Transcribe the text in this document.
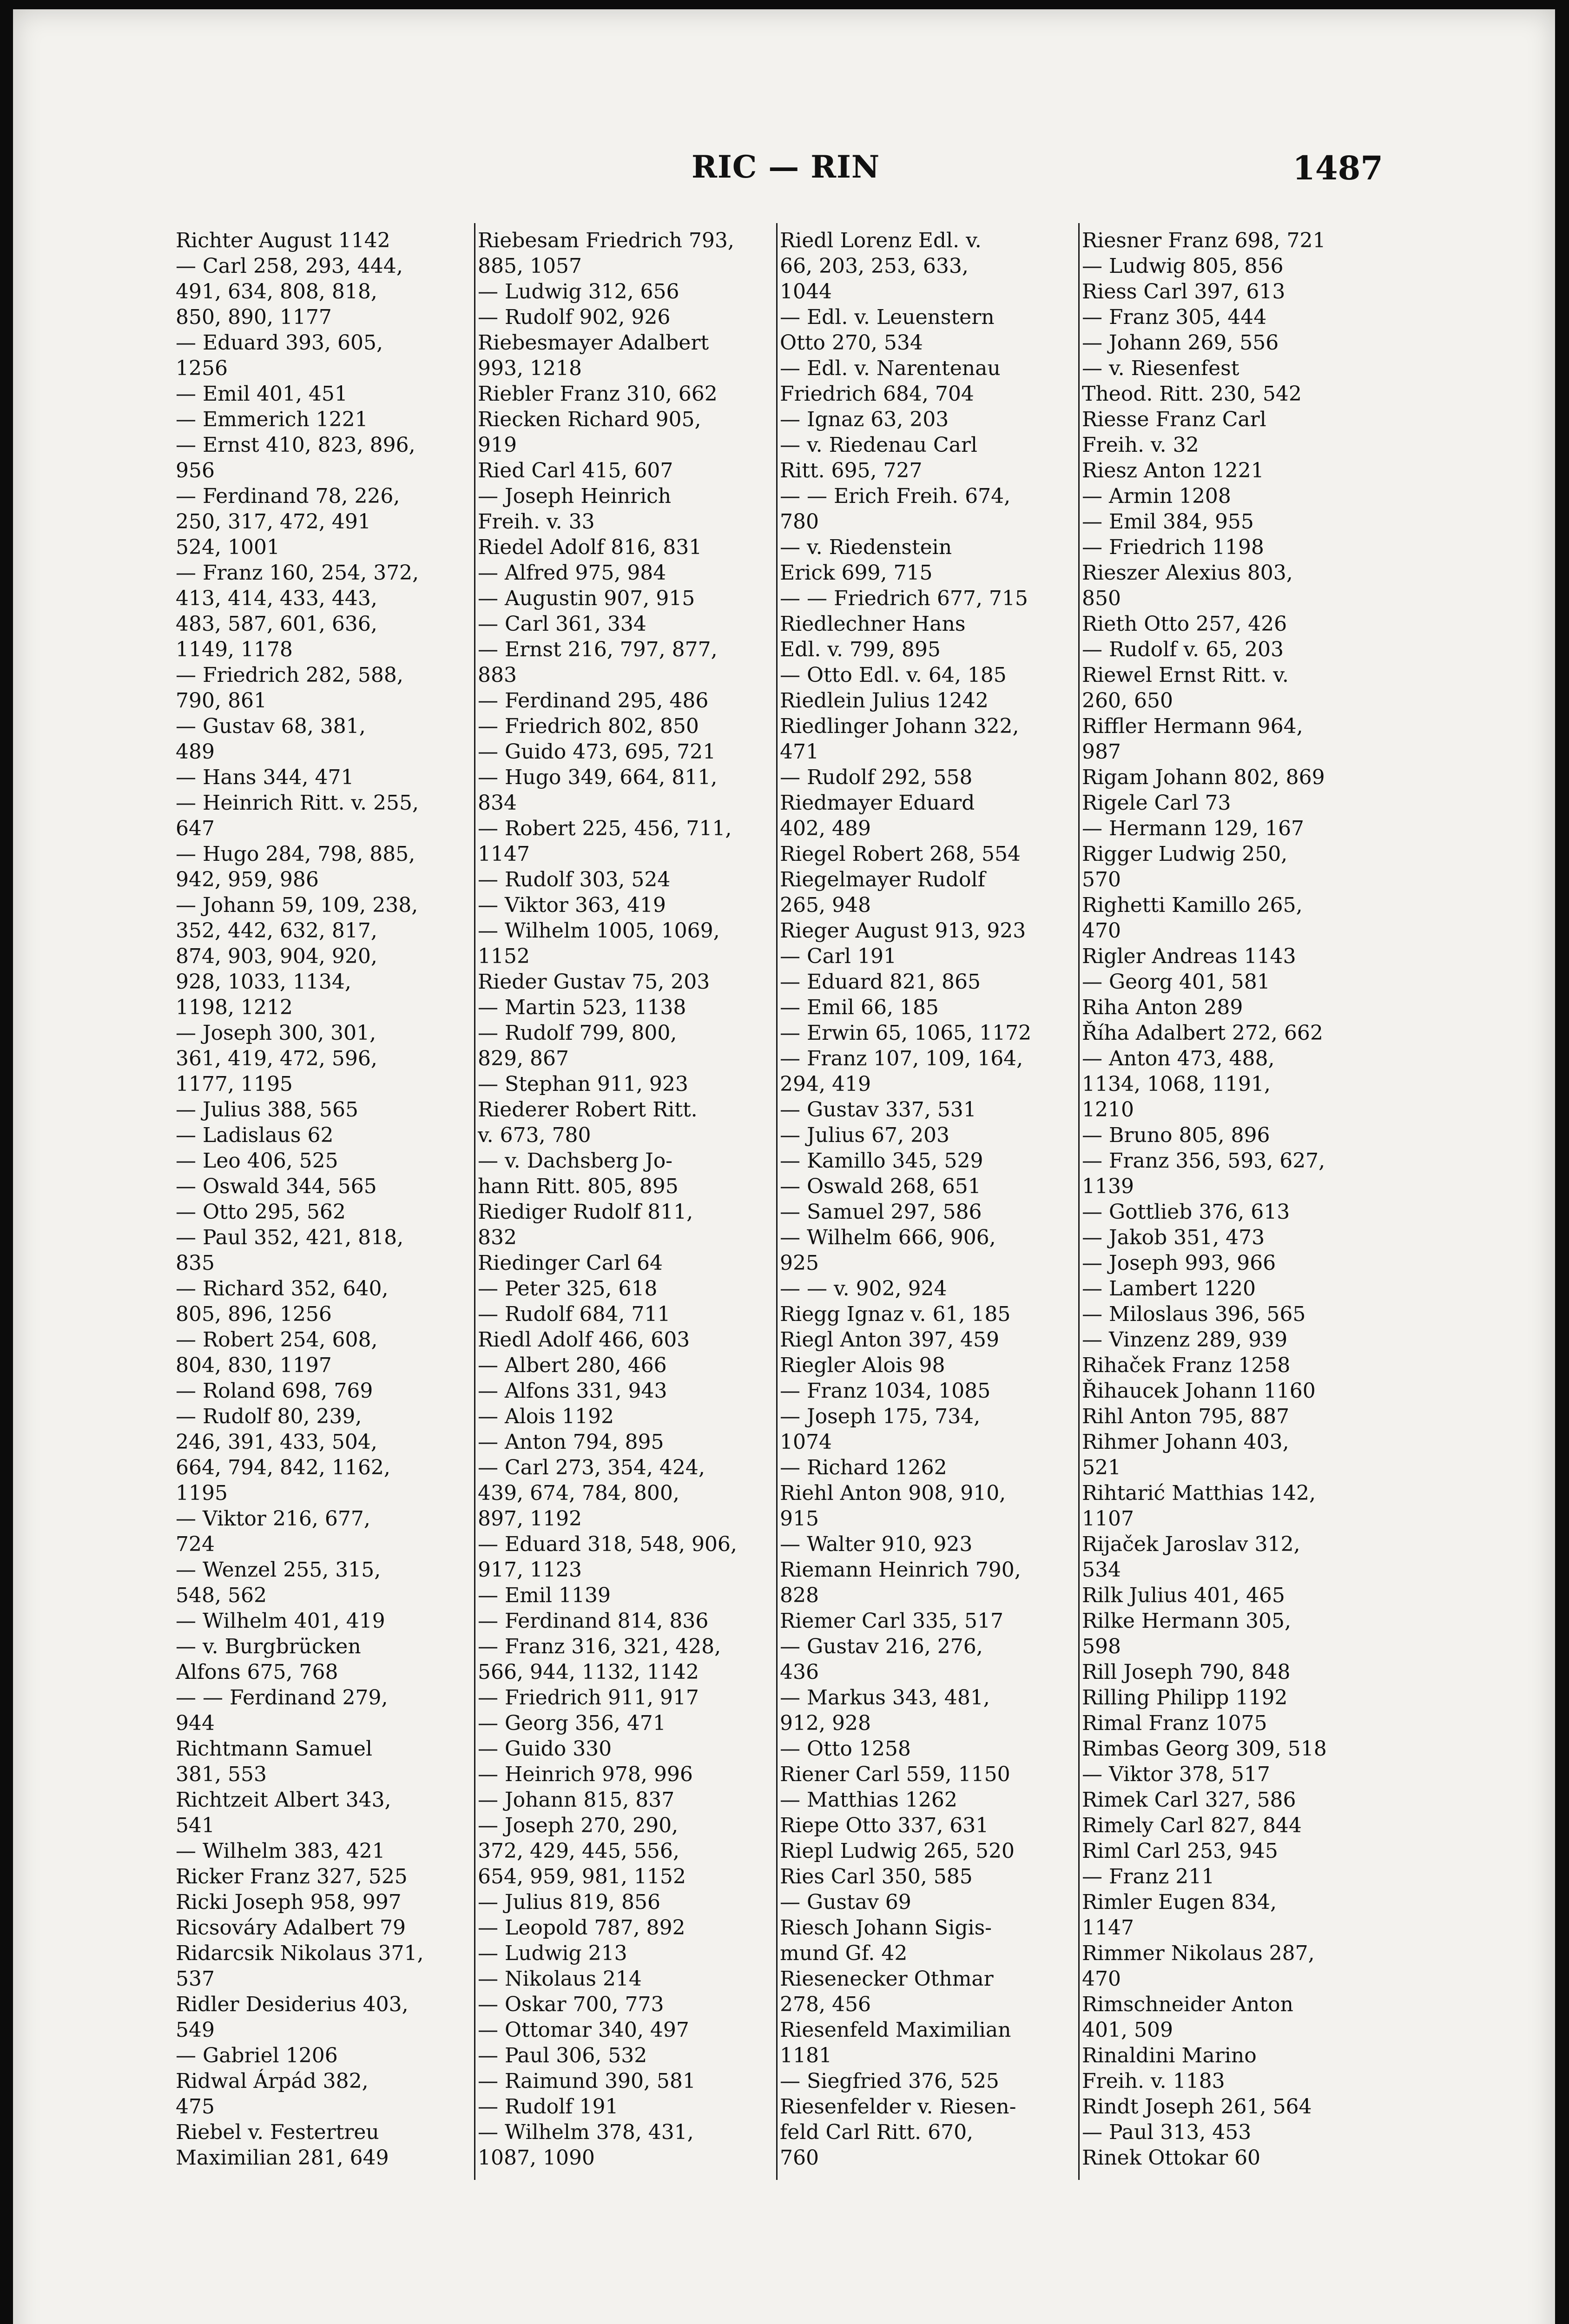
RIC — RIN	1487
Richter August 1142
— Carl 258, 293, 444,
491, 634, 808, 818,
850, 890, 1177
— Eduard 393, 605,
1256
— Emil 401, 451
— Emmerich 1221
— Ernst 410, 823, 896,
956
— Ferdinand 78, 226,
250, 317, 472, 491
524, 1001
— Franz 160, 254, 372,
413, 414, 433, 443,
483, 587, 601, 636,
1149, 1178
— Friedrich 282, 588,
790, 861
— Gustav 68, 381,
489
— Hans 344, 471
— Heinrich Ritt. v. 255,
647
— Hugo 284, 798, 885,
942, 959, 986
— Johann 59, 109, 238,
352, 442, 632, 817,
874, 903, 904, 920,
928, 1033, 1134,
1198, 1212
— Joseph 300, 301,
361, 419, 472, 596,
1177, 1195
— Julius 388, 565
— Ladislaus 62
— Leo 406, 525
— Oswald 344, 565
— Otto 295, 562
— Paul 352, 421, 818,
835
— Richard 352, 640,
805, 896, 1256
— Robert 254, 608,
804, 830, 1197
— Roland 698, 769
— Rudolf 80, 239,
246, 391, 433, 504,
664, 794, 842, 1162,
1195
— Viktor 216, 677,
724
— Wenzel 255, 315,
548, 562
— Wilhelm 401, 419
— v. Burgbrücken
Alfons 675, 768
— — Ferdinand 279,
944
Richtmann Samuel
381, 553
Richtzeit Albert 343,
541
— Wilhelm 383, 421
Ricker Franz 327, 525
Ricki Joseph 958, 997
Ricsováry Adalbert 79
Ridarcsik Nikolaus 371,
537
Ridler Desiderius 403,
549
— Gabriel 1206
Ridwal Árpád 382,
475
Riebel v. Festertreu
Maximilian 281, 649
Riebesam Friedrich 793,
885, 1057
— Ludwig 312, 656
— Rudolf 902, 926
Riebesmayer Adalbert
993, 1218
Riebler Franz 310, 662
Riecken Richard 905,
919
Ried Carl 415, 607
— Joseph Heinrich
Freih. v. 33
Riedel Adolf 816, 831
— Alfred 975, 984
— Augustin 907, 915
— Carl 361, 334
— Ernst 216, 797, 877,
883
— Ferdinand 295, 486
— Friedrich 802, 850
— Guido 473, 695, 721
— Hugo 349, 664, 811,
834
— Robert 225, 456, 711,
1147
— Rudolf 303, 524
— Viktor 363, 419
— Wilhelm 1005, 1069,
1152
Rieder Gustav 75, 203
— Martin 523, 1138
— Rudolf 799, 800,
829, 867
— Stephan 911, 923
Riederer Robert Ritt.
v. 673, 780
— v. Dachsberg Jo-
hann Ritt. 805, 895
Riediger Rudolf 811,
832
Riedinger Carl 64
— Peter 325, 618
— Rudolf 684, 711
Riedl Adolf 466, 603
— Albert 280, 466
— Alfons 331, 943
— Alois 1192
— Anton 794, 895
— Carl 273, 354, 424,
439, 674, 784, 800,
897, 1192
— Eduard 318, 548, 906,
917, 1123
— Emil 1139
— Ferdinand 814, 836
— Franz 316, 321, 428,
566, 944, 1132, 1142
— Friedrich 911, 917
— Georg 356, 471
— Guido 330
— Heinrich 978, 996
— Johann 815, 837
— Joseph 270, 290,
372, 429, 445, 556,
654, 959, 981, 1152
— Julius 819, 856
— Leopold 787, 892
— Ludwig 213
— Nikolaus 214
— Oskar 700, 773
— Ottomar 340, 497
— Paul 306, 532
— Raimund 390, 581
— Rudolf 191
— Wilhelm 378, 431,
1087, 1090
Riedl Lorenz Edl. v.
66, 203, 253, 633,
1044
— Edl. v. Leuenstern
Otto 270, 534
— Edl. v. Narentenau
Friedrich 684, 704
— Ignaz 63, 203
— v. Riedenau Carl
Ritt. 695, 727
— — Erich Freih. 674,
780
— v. Riedenstein
Erick 699, 715
— — Friedrich 677, 715
Riedlechner Hans
Edl. v. 799, 895
— Otto Edl. v. 64, 185
Riedlein Julius 1242
Riedlinger Johann 322,
471
— Rudolf 292, 558
Riedmayer Eduard
402, 489
Riegel Robert 268, 554
Riegelmayer Rudolf
265, 948
Rieger August 913, 923
— Carl 191
— Eduard 821, 865
— Emil 66, 185
— Erwin 65, 1065, 1172
— Franz 107, 109, 164,
294, 419
— Gustav 337, 531
— Julius 67, 203
— Kamillo 345, 529
— Oswald 268, 651
— Samuel 297, 586
— Wilhelm 666, 906,
925
— — v. 902, 924
Riegg Ignaz v. 61, 185
Riegl Anton 397, 459
Riegler Alois 98
— Franz 1034, 1085
— Joseph 175, 734,
1074
— Richard 1262
Riehl Anton 908, 910,
915
— Walter 910, 923
Riemann Heinrich 790,
828
Riemer Carl 335, 517
— Gustav 216, 276,
436
— Markus 343, 481,
912, 928
— Otto 1258
Riener Carl 559, 1150
— Matthias 1262
Riepe Otto 337, 631
Riepl Ludwig 265, 520
Ries Carl 350, 585
— Gustav 69
Riesch Johann Sigis-
mund Gf. 42
Riesenecker Othmar
278, 456
Riesenfeld Maximilian
1181
— Siegfried 376, 525
Riesenfelder v. Riesen-
feld Carl Ritt. 670,
760
Riesner Franz 698, 721
— Ludwig 805, 856
Riess Carl 397, 613
— Franz 305, 444
— Johann 269, 556
— v. Riesenfest
Theod. Ritt. 230, 542
Riesse Franz Carl
Freih. v. 32
Riesz Anton 1221
— Armin 1208
— Emil 384, 955
— Friedrich 1198
Rieszer Alexius 803,
850
Rieth Otto 257, 426
— Rudolf v. 65, 203
Riewel Ernst Ritt. v.
260, 650
Riffler Hermann 964,
987
Rigam Johann 802, 869
Rigele Carl 73
— Hermann 129, 167
Rigger Ludwig 250,
570
Righetti Kamillo 265,
470
Rigler Andreas 1143
— Georg 401, 581
Riha Anton 289
Říha Adalbert 272, 662
— Anton 473, 488,
1134, 1068, 1191,
1210
— Bruno 805, 896
— Franz 356, 593, 627,
1139
— Gottlieb 376, 613
— Jakob 351, 473
— Joseph 993, 966
— Lambert 1220
— Miloslaus 396, 565
— Vinzenz 289, 939
Rihaček Franz 1258
Řihaucek Johann 1160
Rihl Anton 795, 887
Rihmer Johann 403,
521
Rihtarić Matthias 142,
1107
Rijaček Jaroslav 312,
534
Rilk Julius 401, 465
Rilke Hermann 305,
598
Rill Joseph 790, 848
Rilling Philipp 1192
Rimal Franz 1075
Rimbas Georg 309, 518
— Viktor 378, 517
Rimek Carl 327, 586
Rimely Carl 827, 844
Riml Carl 253, 945
— Franz 211
Rimler Eugen 834,
1147
Rimmer Nikolaus 287,
470
Rimschneider Anton
401, 509
Rinaldini Marino
Freih. v. 1183
Rindt Joseph 261, 564
— Paul 313, 453
Rinek Ottokar 60
